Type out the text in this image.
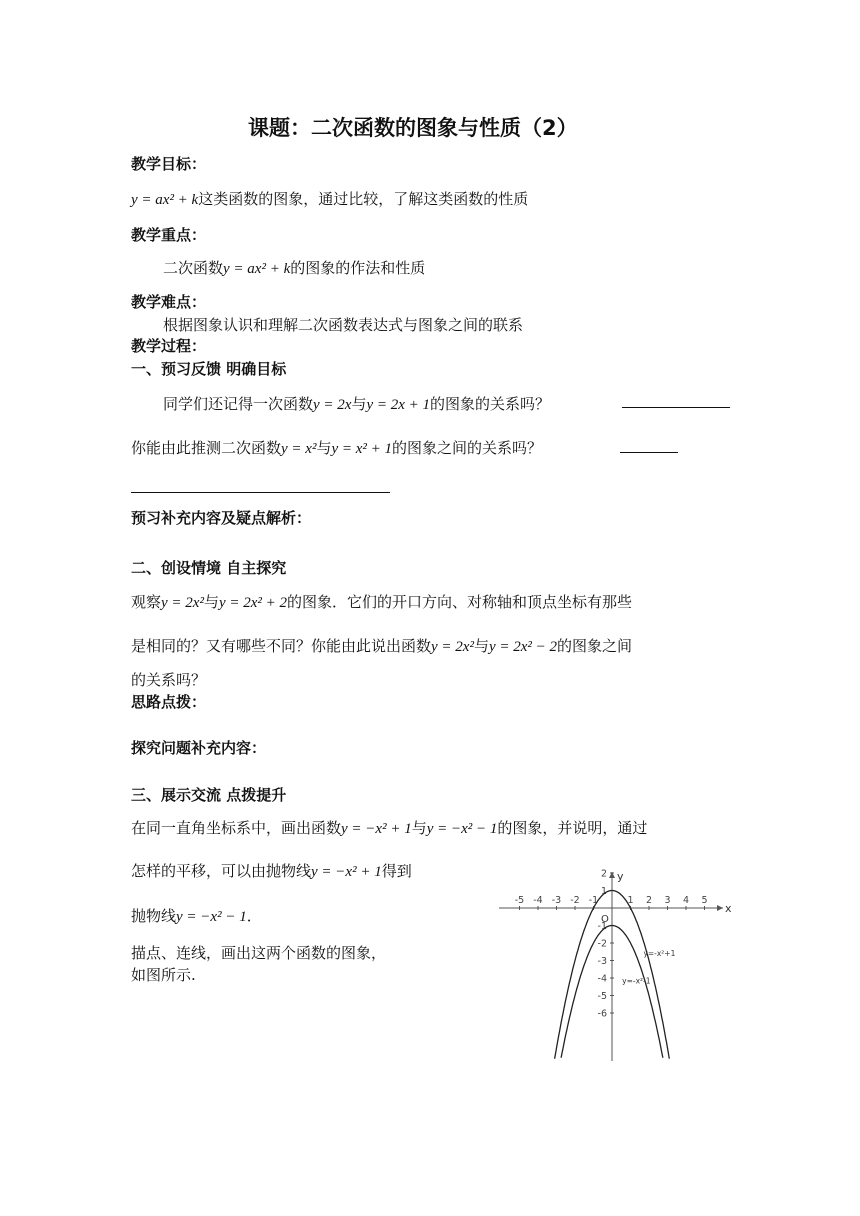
课题：二次函数的图象与性质（2）
教学目标：
y = ax² + k这类函数的图象，通过比较，了解这类函数的性质
教学重点：
二次函数y = ax² + k的图象的作法和性质
教学难点：
根据图象认识和理解二次函数表达式与图象之间的联系
教学过程：
一、预习反馈 明确目标
同学们还记得一次函数y = 2x与y = 2x + 1的图象的关系吗？
你能由此推测二次函数y = x²与y = x² + 1的图象之间的关系吗？
预习补充内容及疑点解析：
二、创设情境 自主探究
观察y = 2x²与y = 2x² + 2的图象．它们的开口方向、对称轴和顶点坐标有那些
是相同的？又有哪些不同？你能由此说出函数y = 2x²与y = 2x² − 2的图象之间
的关系吗？
思路点拨：
探究问题补充内容：
三、展示交流 点拨提升
在同一直角坐标系中，画出函数y = −x² + 1与y = −x² − 1的图象，并说明，通过
怎样的平移，可以由抛物线y = −x² + 1得到
抛物线y = −x² − 1．
描点、连线，画出这两个函数的图象，
如图所示.
x
y
O
-5 -4 -3 -2 -1	1 2 3 4 5
2
1
-1
-2
-3
-4
-5
-6
y=-x²+1
y=-x²-1
